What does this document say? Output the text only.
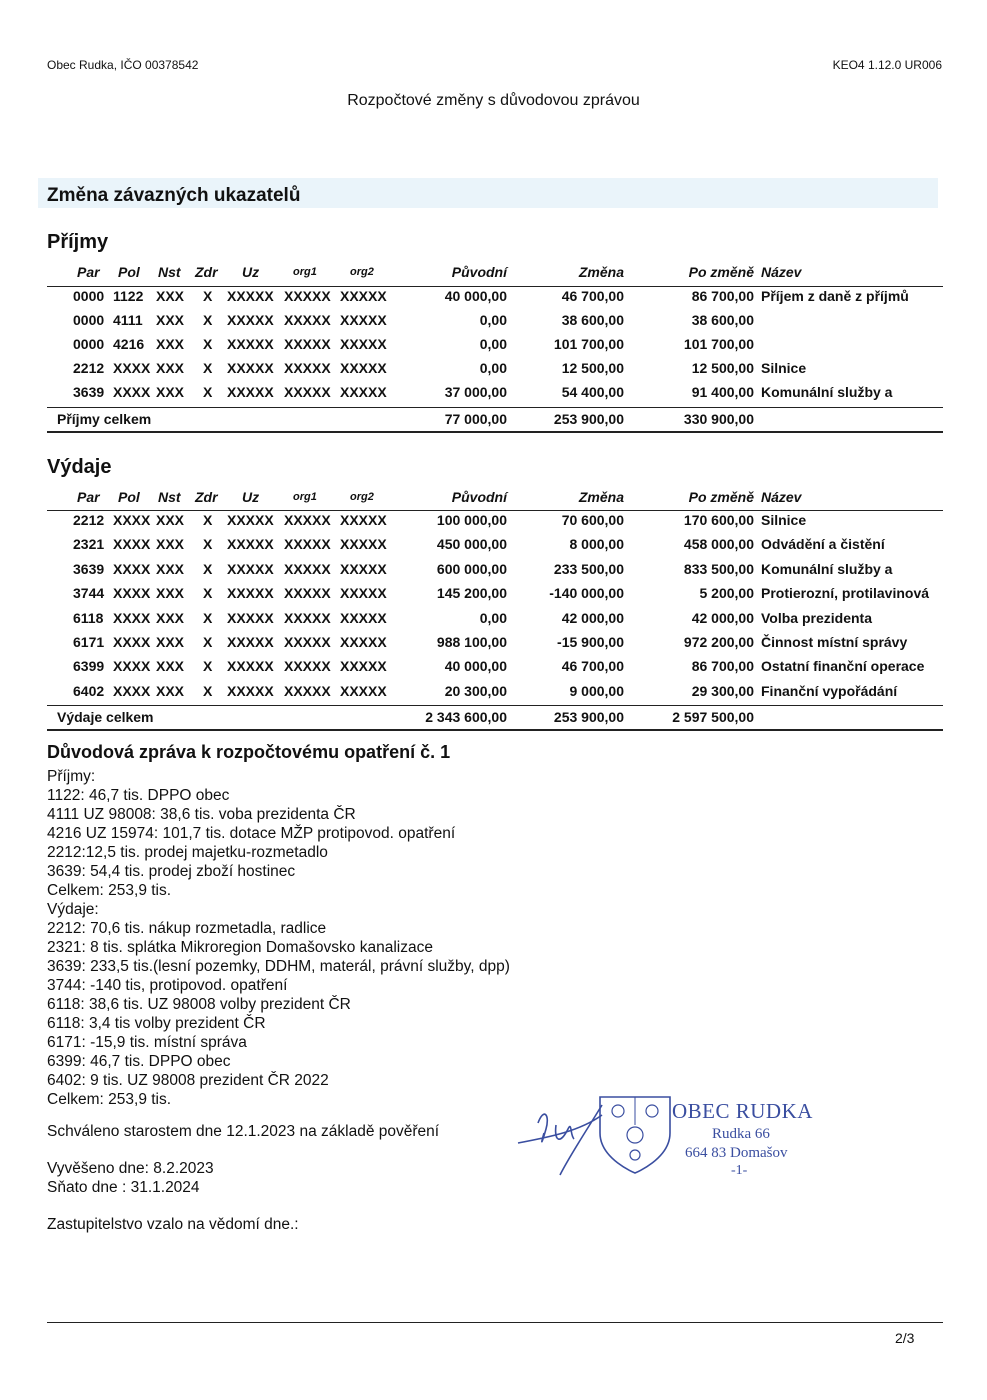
Obec Rudka, IČO 00378542	KEO4 1.12.0 UR006
Rozpočtové změny s důvodovou zprávou
Změna závazných ukazatelů
Příjmy
Par Pol Nst Zdr Uz	org1	org2	Původní	Změna	Po změně Název
0000 1122 XXX X XXXXX XXXXX XXXXX	40 000,00	46 700,00	86 700,00 Příjem z daně z příjmů
0000 4111 XXX X XXXXX XXXXX XXXXX	0,00	38 600,00	38 600,00
0000 4216 XXX X XXXXX XXXXX XXXXX	0,00	101 700,00	101 700,00
2212 XXXX XXX X XXXXX XXXXX XXXXX	0,00	12 500,00	12 500,00 Silnice
3639 XXXX XXX X XXXXX XXXXX XXXXX	37 000,00	54 400,00	91 400,00 Komunální služby a
Příjmy celkem	77 000,00	253 900,00	330 900,00
Výdaje
Par Pol Nst Zdr Uz	org1	org2	Původní	Změna	Po změně Název
2212 XXXX XXX X XXXXX XXXXX XXXXX	100 000,00	70 600,00	170 600,00 Silnice
2321 XXXX XXX X XXXXX XXXXX XXXXX	450 000,00	8 000,00	458 000,00 Odvádění a čistění
3639 XXXX XXX X XXXXX XXXXX XXXXX	600 000,00	233 500,00	833 500,00 Komunální služby a
3744 XXXX XXX X XXXXX XXXXX XXXXX	145 200,00	-140 000,00	5 200,00 Protierozní, protilavinová
6118 XXXX XXX X XXXXX XXXXX XXXXX	0,00	42 000,00	42 000,00 Volba prezidenta
6171 XXXX XXX X XXXXX XXXXX XXXXX	988 100,00	-15 900,00	972 200,00 Činnost místní správy
6399 XXXX XXX X XXXXX XXXXX XXXXX	40 000,00	46 700,00	86 700,00 Ostatní finanční operace
6402 XXXX XXX X XXXXX XXXXX XXXXX	20 300,00	9 000,00	29 300,00 Finanční vypořádání
Výdaje celkem	2 343 600,00	253 900,00	2 597 500,00
Důvodová zpráva k rozpočtovému opatření č. 1
Příjmy:
1122: 46,7 tis. DPPO obec
4111 UZ 98008: 38,6 tis. voba prezidenta ČR
4216 UZ 15974: 101,7 tis. dotace MŽP protipovod. opatření
2212:12,5 tis. prodej majetku-rozmetadlo
3639: 54,4 tis. prodej zboží hostinec
Celkem: 253,9 tis.
Výdaje:
2212: 70,6 tis. nákup rozmetadla, radlice
2321: 8 tis. splátka Mikroregion Domašovsko kanalizace
3639: 233,5 tis.(lesní pozemky, DDHM, materál, právní služby, dpp)
3744: -140 tis, protipovod. opatření
6118: 38,6 tis. UZ 98008 volby prezident ČR
6118: 3,4 tis volby prezident ČR
6171: -15,9 tis. místní správa
6399: 46,7 tis. DPPO obec
6402: 9 tis. UZ 98008 prezident ČR 2022
Celkem: 253,9 tis.
Schváleno starostem dne 12.1.2023 na základě pověření
Vyvěšeno dne: 8.2.2023
Sňato dne : 31.1.2024
Zastupitelstvo vzalo na vědomí dne.:
OBEC RUDKA
Rudka 66
664 83 Domašov
-1-
2/3
